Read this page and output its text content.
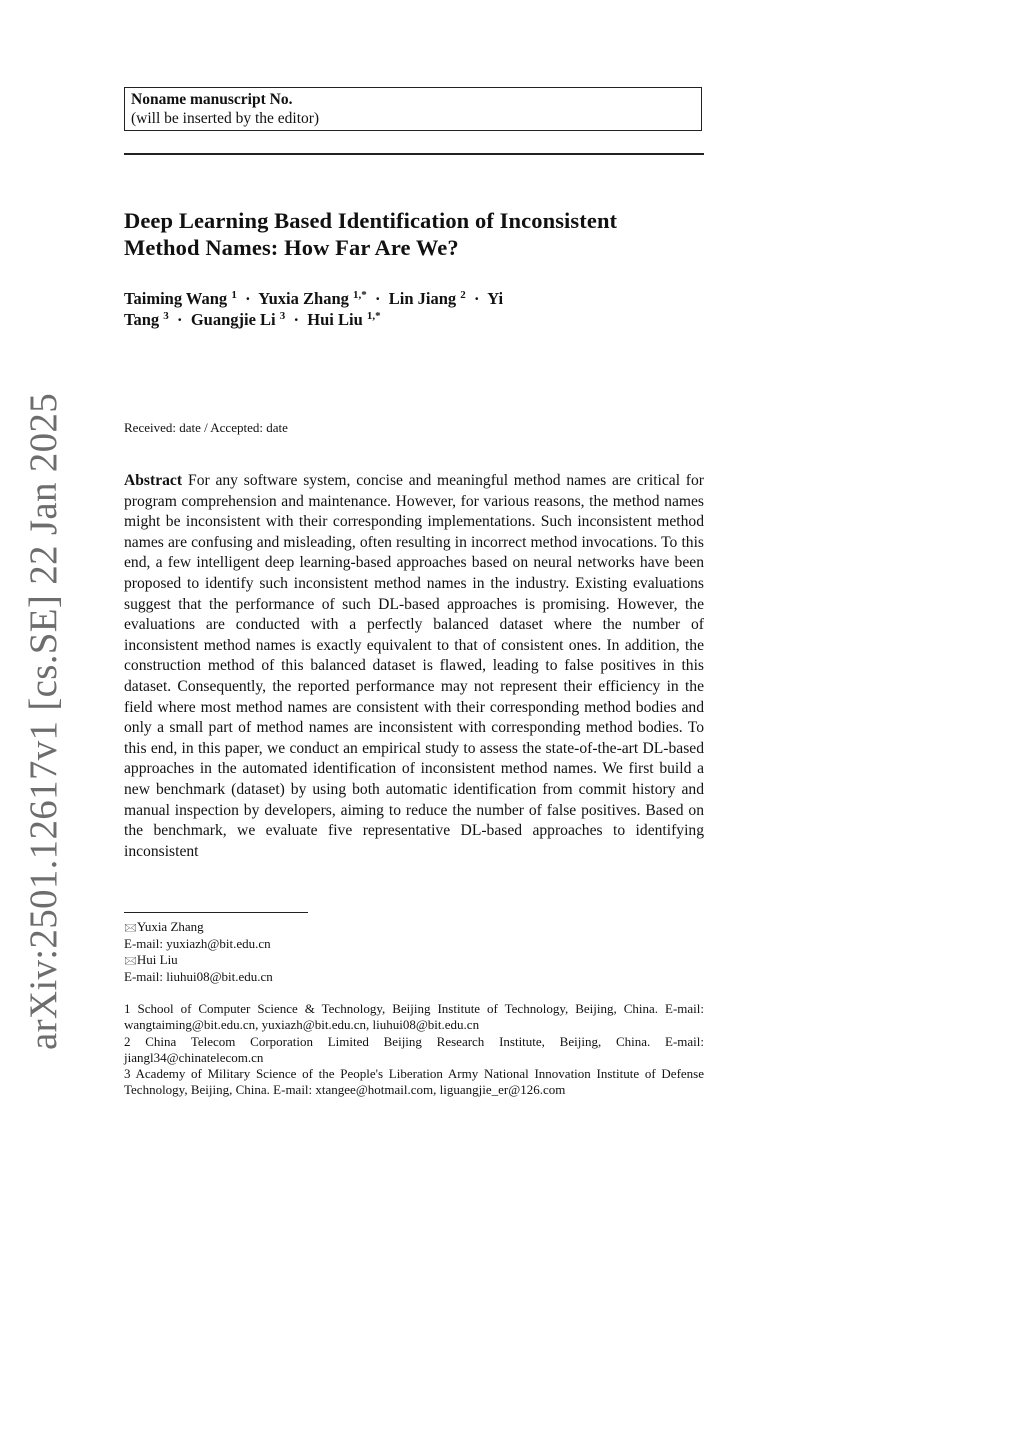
arXiv:2501.12617v1 [cs.SE] 22 Jan 2025
Noname manuscript No.
(will be inserted by the editor)
Deep Learning Based Identification of Inconsistent
Method Names: How Far Are We?
Taiming Wang $^1$  ·  Yuxia Zhang $^{1,*}$  ·  Lin Jiang $^2$  ·  Yi Tang $^3$  ·  Guangjie Li $^3$  ·  Hui Liu $^{1,*}$
Received: date / Accepted: date
Abstract For any software system, concise and meaningful method names are critical for program comprehension and maintenance. However, for various reasons, the method names might be inconsistent with their corresponding implementations. Such inconsistent method names are confusing and misleading, often resulting in incorrect method invocations. To this end, a few intelligent deep learning-based approaches based on neural networks have been proposed to identify such inconsistent method names in the industry. Existing evaluations suggest that the performance of such DL-based approaches is promising. However, the evaluations are conducted with a perfectly balanced dataset where the number of inconsistent method names is exactly equivalent to that of consistent ones. In addition, the construction method of this balanced dataset is flawed, leading to false positives in this dataset. Consequently, the reported performance may not represent their efficiency in the field where most method names are consistent with their corresponding method bodies and only a small part of method names are inconsistent with corresponding method bodies. To this end, in this paper, we conduct an empirical study to assess the state-of-the-art DL-based approaches in the automated identification of inconsistent method names. We first build a new benchmark (dataset) by using both automatic identification from commit history and manual inspection by developers, aiming to reduce the number of false positives. Based on the benchmark, we evaluate five representative DL-based approaches to identifying inconsistent
🖂Yuxia Zhang
E-mail: yuxiazh@bit.edu.cn
🖂Hui Liu
E-mail: liuhui08@bit.edu.cn
1 School of Computer Science & Technology, Beijing Institute of Technology, Beijing, China. E-mail: wangtaiming@bit.edu.cn, yuxiazh@bit.edu.cn, liuhui08@bit.edu.cn
2 China Telecom Corporation Limited Beijing Research Institute, Beijing, China. E-mail: jiangl34@chinatelecom.cn
3 Academy of Military Science of the People's Liberation Army National Innovation Institute of Defense Technology, Beijing, China. E-mail: xtangee@hotmail.com, liguangjie_er@126.com
